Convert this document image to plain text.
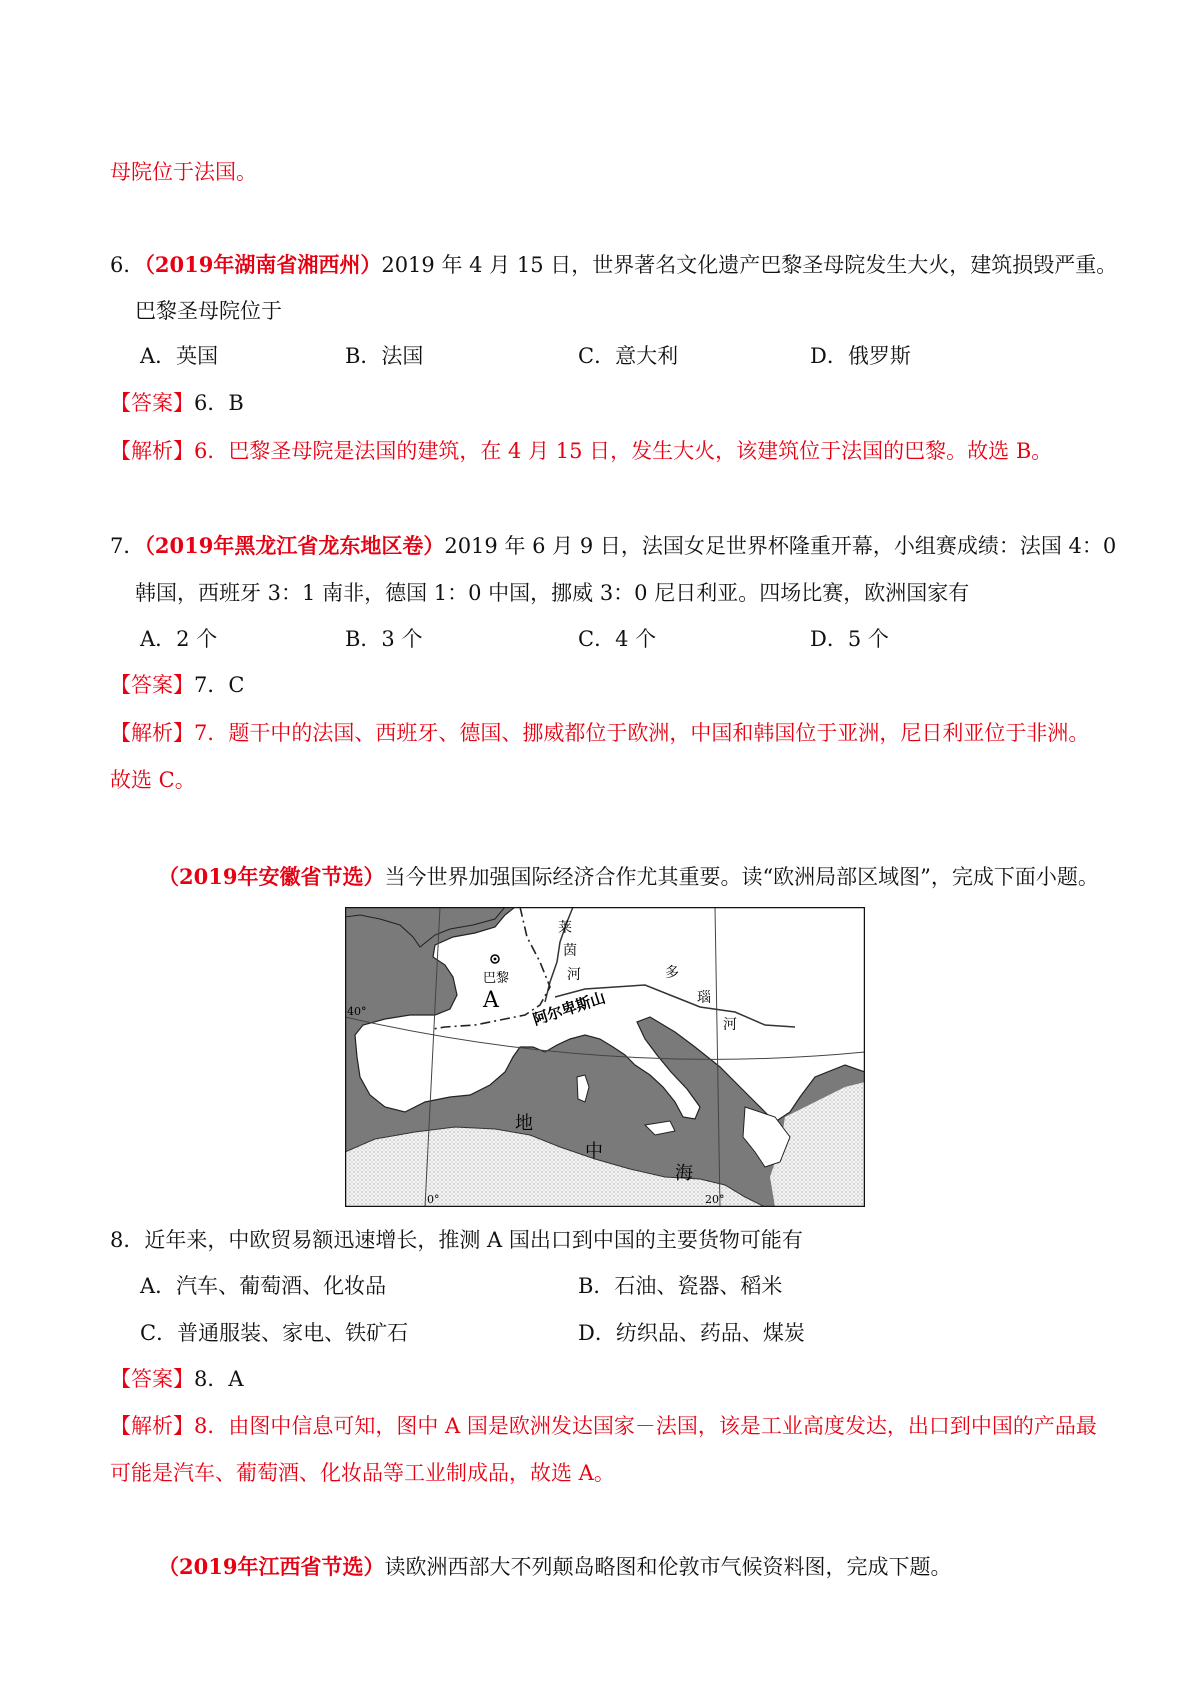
母院位于法国。
6．（2019年湖南省湘西州）2019 年 4 月 15 日，世界著名文化遗产巴黎圣母院发生大火，建筑损毁严重。
巴黎圣母院位于
A．英国	B．法国	C．意大利	D．俄罗斯
【答案】6．B
【解析】6．巴黎圣母院是法国的建筑，在 4 月 15 日，发生大火，该建筑位于法国的巴黎。故选 B。
7．（2019年黑龙江省龙东地区卷）2019 年 6 月 9 日，法国女足世界杯隆重开幕，小组赛成绩：法国 4：0
韩国，西班牙 3：1 南非，德国 1：0 中国，挪威 3：0 尼日利亚。四场比赛，欧洲国家有
A．2 个	B．3 个	C．4 个	D．5 个
【答案】7．C
【解析】7．题干中的法国、西班牙、德国、挪威都位于欧洲，中国和韩国位于亚洲，尼日利亚位于非洲。
故选 C。
（2019年安徽省节选）当今世界加强国际经济合作尤其重要。读“欧洲局部区域图”，完成下面小题。
巴黎
A 阿尔卑斯山
莱
茵
河	多
瑙
河
地
中
海
40°
0°	20°
8．近年来，中欧贸易额迅速增长，推测 A 国出口到中国的主要货物可能有
A．汽车、葡萄酒、化妆品	B．石油、瓷器、稻米
C．普通服装、家电、铁矿石	D．纺织品、药品、煤炭
【答案】8．A
【解析】8．由图中信息可知，图中 A 国是欧洲发达国家－法国，该是工业高度发达，出口到中国的产品最
可能是汽车、葡萄酒、化妆品等工业制成品，故选 A。
（2019年江西省节选）读欧洲西部大不列颠岛略图和伦敦市气候资料图，完成下题。
